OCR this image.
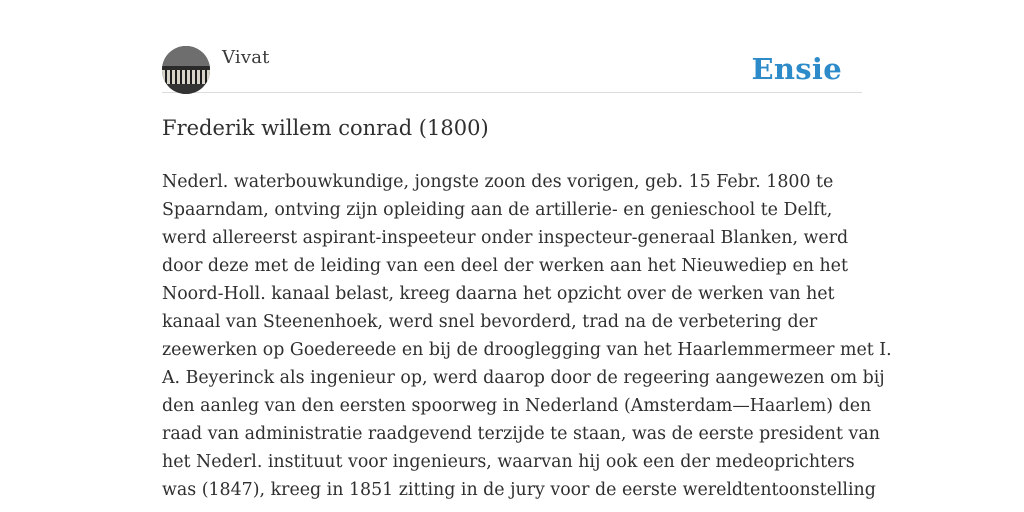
Vivat	Ensie
Frederik willem conrad (1800)
Nederl. waterbouwkundige, jongste zoon des vorigen, geb. 15 Febr. 1800 te
Spaarndam, ontving zijn opleiding aan de artillerie- en genieschool te Delft,
werd allereerst aspirant-inspeeteur onder inspecteur-generaal Blanken, werd
door deze met de leiding van een deel der werken aan het Nieuwediep en het
Noord-Holl. kanaal belast, kreeg daarna het opzicht over de werken van het
kanaal van Steenenhoek, werd snel bevorderd, trad na de verbetering der
zeewerken op Goedereede en bij de drooglegging van het Haarlemmermeer met I.
A. Beyerinck als ingenieur op, werd daarop door de regeering aangewezen om bij
den aanleg van den eersten spoorweg in Nederland (Amsterdam—Haarlem) den
raad van administratie raadgevend terzijde te staan, was de eerste president van
het Nederl. instituut voor ingenieurs, waarvan hij ook een der medeoprichters
was (1847), kreeg in 1851 zitting in de jury voor de eerste wereldtentoonstelling
